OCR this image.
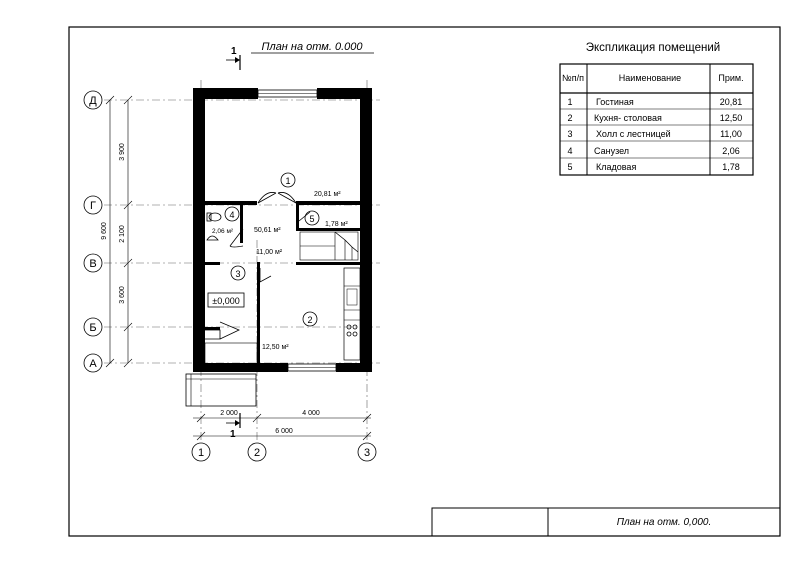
План на отм. 0,000.
План на отм. 0.000
1	Экспликация помещений
№п/п	Наименование	Прим.
1	Гостиная	20,81
2 Кухня- столовая	12,50
3	Холл с лестницей	11,00
4 Санузел	2,06
5	Кладовая	1,78
Д
Г
В
Б
А
1	2	3
3 900
2 100
3 600
9 600
2 000	4 000
6 000
1
1
20,81 м²
2
12,50 м²
3
11,00 м²
4
2,06 м²
5
1,78 м²
50,61 м²
±0,000
